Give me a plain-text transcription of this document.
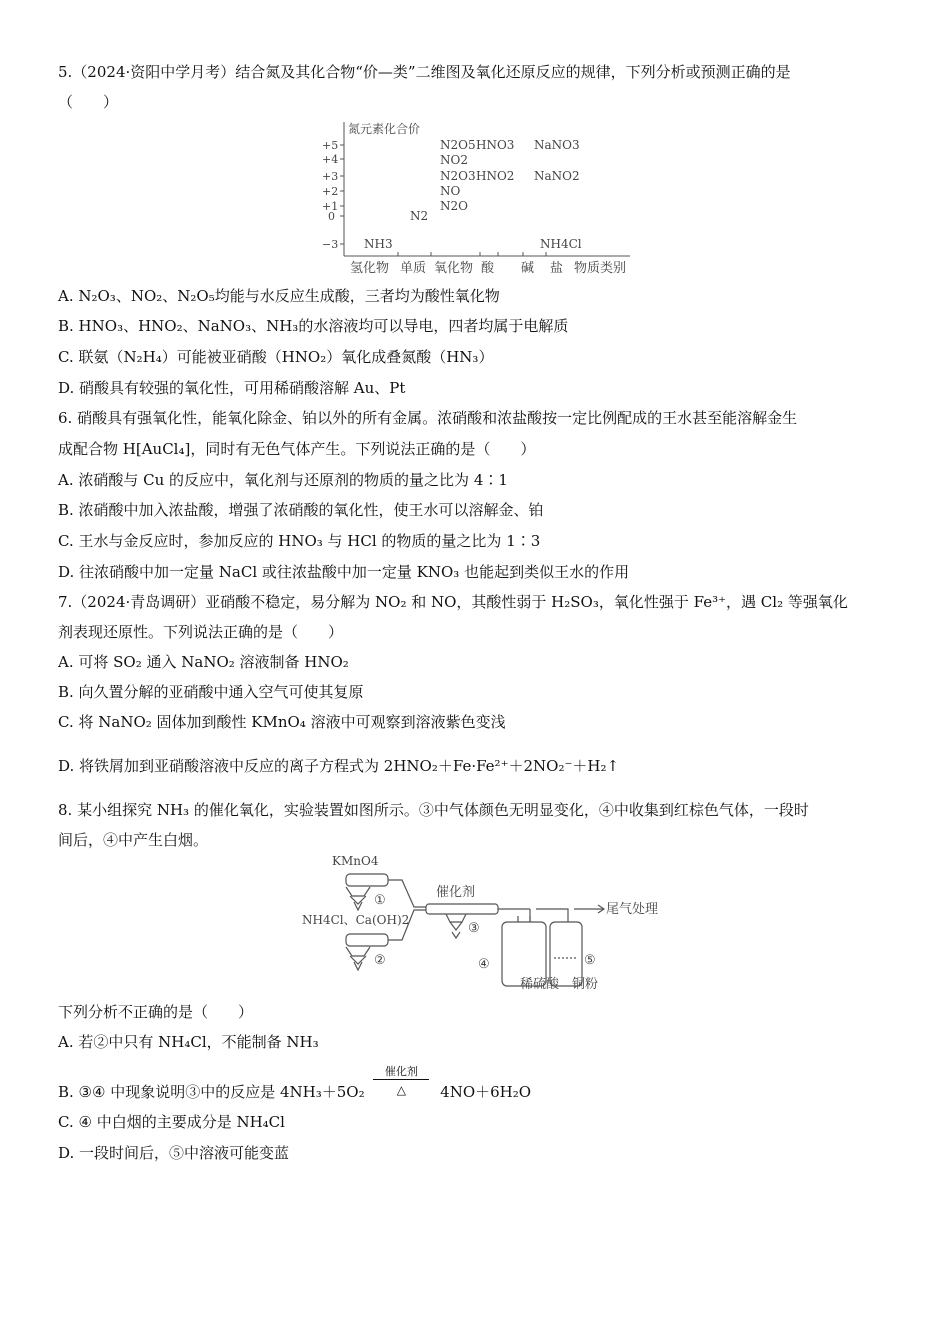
5.（2024·资阳中学月考）结合氮及其化合物“价—类”二维图及氧化还原反应的规律，下列分析或预测正确的是
（　　）
氮元素化合价
+5
+4
+3
+2
+1
0
−3
氢化物 单质 氧化物 酸 碱 盐 物质类别
N2O5 HNO3 NaNO3
NO2
N2O3 HNO2 NaNO2
NO
N2O
N2
NH3	NH4Cl
A. N₂O₃、NO₂、N₂O₅均能与水反应生成酸，三者均为酸性氧化物
B. HNO₃、HNO₂、NaNO₃、NH₃的水溶液均可以导电，四者均属于电解质
C. 联氨（N₂H₄）可能被亚硝酸（HNO₂）氧化成叠氮酸（HN₃）
D. 硝酸具有较强的氧化性，可用稀硝酸溶解 Au、Pt
6. 硝酸具有强氧化性，能氧化除金、铂以外的所有金属。浓硝酸和浓盐酸按一定比例配成的王水甚至能溶解金生
成配合物 H[AuCl₄]，同时有无色气体产生。下列说法正确的是（　　）
A. 浓硝酸与 Cu 的反应中，氧化剂与还原剂的物质的量之比为 4∶1
B. 浓硝酸中加入浓盐酸，增强了浓硝酸的氧化性，使王水可以溶解金、铂
C. 王水与金反应时，参加反应的 HNO₃ 与 HCl 的物质的量之比为 1∶3
D. 往浓硝酸中加一定量 NaCl 或往浓盐酸中加一定量 KNO₃ 也能起到类似王水的作用
7.（2024·青岛调研）亚硝酸不稳定，易分解为 NO₂ 和 NO，其酸性弱于 H₂SO₃，氧化性强于 Fe³⁺，遇 Cl₂ 等强氧化
剂表现还原性。下列说法正确的是（　　）
A. 可将 SO₂ 通入 NaNO₂ 溶液制备 HNO₂
B. 向久置分解的亚硝酸中通入空气可使其复原
C. 将 NaNO₂ 固体加到酸性 KMnO₄ 溶液中可观察到溶液紫色变浅
D. 将铁屑加到亚硝酸溶液中反应的离子方程式为 2HNO₂＋Fe·Fe²⁺＋2NO₂⁻＋H₂↑
8. 某小组探究 NH₃ 的催化氧化，实验装置如图所示。③中气体颜色无明显变化，④中收集到红棕色气体，一段时
间后，④中产生白烟。
KMnO4
NH4Cl、Ca(OH)2
催化剂
尾气处理
稀硫酸 铜粉
①
②
③
④	⑤
下列分析不正确的是（　　）
A. 若②中只有 NH₄Cl，不能制备 NH₃
B. ③④ 中现象说明③中的反应是 4NH₃＋5O₂
催化剂
△	4NO＋6H₂O
C. ④ 中白烟的主要成分是 NH₄Cl
D. 一段时间后，⑤中溶液可能变蓝
